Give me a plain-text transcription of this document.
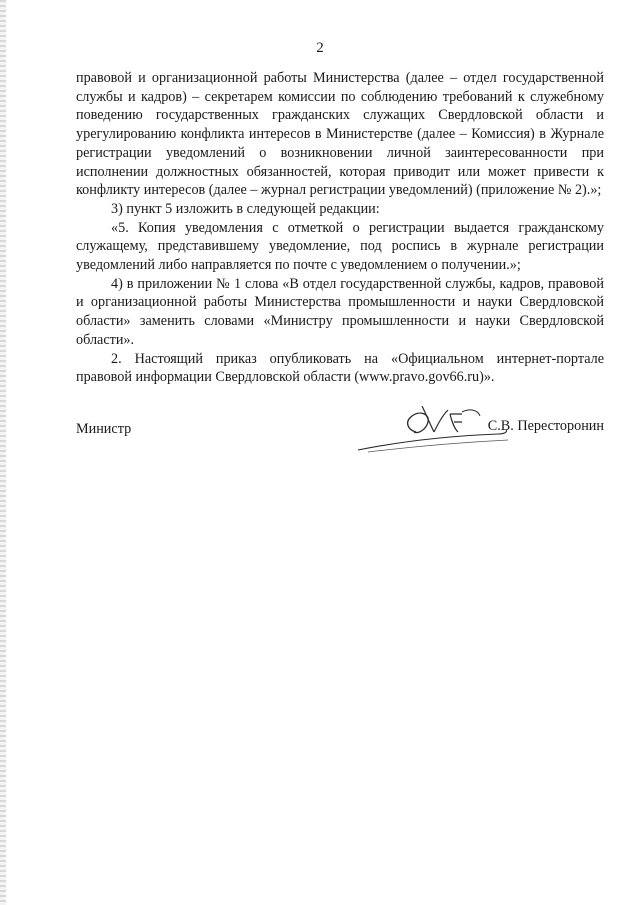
2

правовой и организационной работы Министерства (далее – отдел государственной службы и кадров) – секретарем комиссии по соблюдению требований к служебному поведению государственных гражданских служащих Свердловской области и урегулированию конфликта интересов в Министерстве (далее – Комиссия) в Журнале регистрации уведомлений о возникновении личной заинтересованности при исполнении должностных обязанностей, которая приводит или может привести к конфликту интересов (далее – журнал регистрации уведомлений) (приложение № 2).»;

3) пункт 5 изложить в следующей редакции:

«5. Копия уведомления с отметкой о регистрации выдается гражданскому служащему, представившему уведомление, под роспись в журнале регистрации уведомлений либо направляется по почте с уведомлением о получении.»;

4) в приложении № 1 слова «В отдел государственной службы, кадров, правовой и организационной работы Министерства промышленности и науки Свердловской области» заменить словами «Министру промышленности и науки Свердловской области».

2. Настоящий приказ опубликовать на «Официальном интернет-портале правовой информации Свердловской области (www.pravo.gov66.ru)».

Министр	С.В. Пересторонин
